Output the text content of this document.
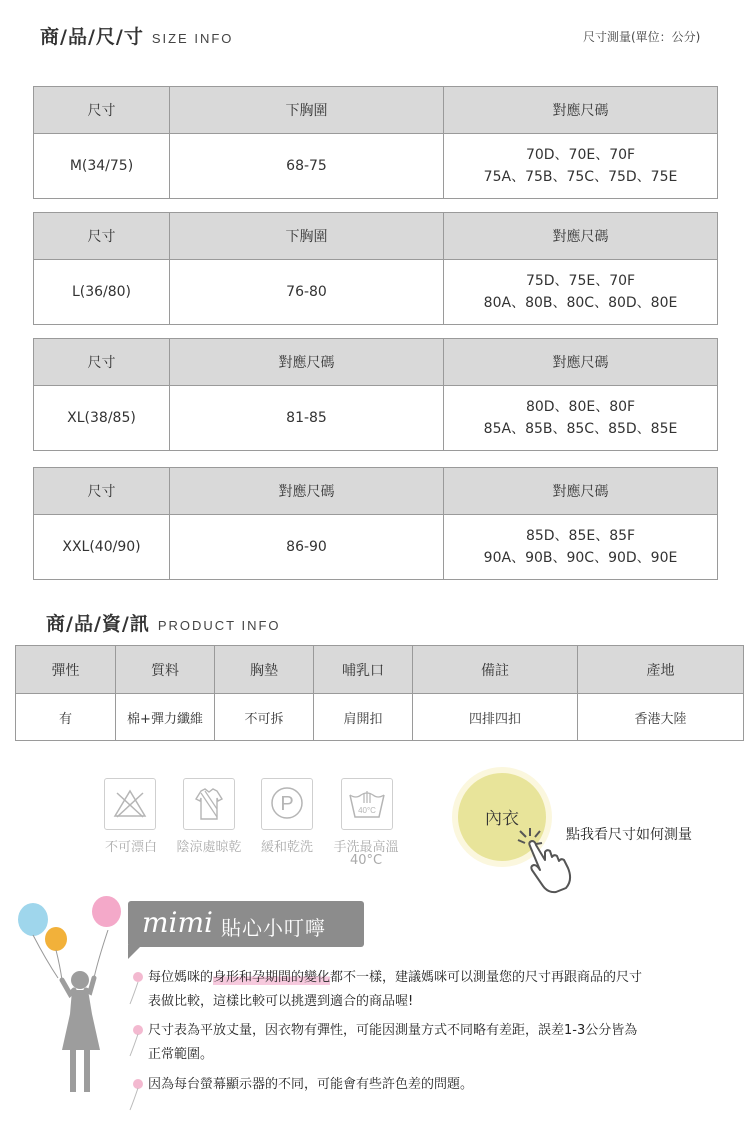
商/品/尺/寸 SIZE INFO	尺寸測量(單位：公分)
尺寸	下胸圍	對應尺碼
M(34/75)	68-75	70D、70E、70F
75A、75B、75C、75D、75E
尺寸	下胸圍	對應尺碼
L(36/80)	76-80	75D、75E、70F
80A、80B、80C、80D、80E
尺寸	對應尺碼	對應尺碼
XL(38/85)	81-85	80D、80E、80F
85A、85B、85C、85D、85E
尺寸	對應尺碼	對應尺碼
XXL(40/90)	86-90	85D、85E、85F
90A、90B、90C、90D、90E
商/品/資/訊 PRODUCT INFO
彈性	質料	胸墊	哺乳口	備註	產地
有	棉+彈力纖維	不可拆	肩開扣	四排四扣	香港大陸
P	40°C
不可漂白	陰涼處晾乾	緩和乾洗	手洗最高溫
40°C
內衣
點我看尺寸如何測量
mimi 貼心小叮嚀
每位媽咪的身形和孕期間的變化都不一樣，建議媽咪可以測量您的尺寸再跟商品的尺寸
表做比較，這樣比較可以挑選到適合的商品喔!
尺寸表為平放丈量，因衣物有彈性，可能因測量方式不同略有差距，誤差1-3公分皆為
正常範圍。
因為每台螢幕顯示器的不同，可能會有些許色差的問題。
